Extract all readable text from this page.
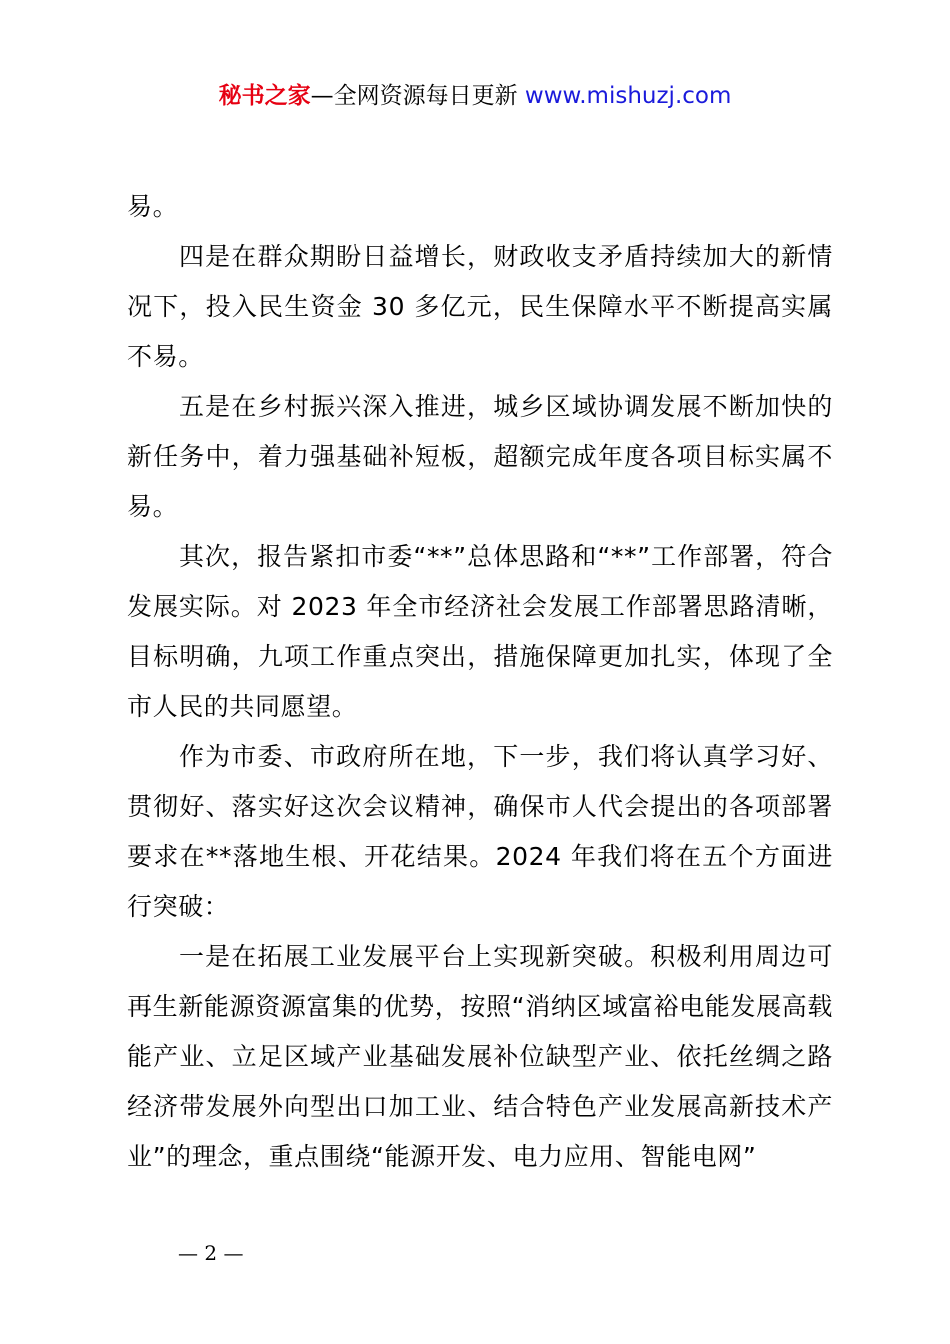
秘书之家—全网资源每日更新 www.mishuzj.com

易。

四是在群众期盼日益增长，财政收支矛盾持续加大的新情况下，投入民生资金 30 多亿元，民生保障水平不断提高实属不易。

五是在乡村振兴深入推进，城乡区域协调发展不断加快的新任务中，着力强基础补短板，超额完成年度各项目标实属不易。

其次，报告紧扣市委“**”总体思路和“**”工作部署，符合发展实际。对 2023 年全市经济社会发展工作部署思路清晰，目标明确，九项工作重点突出，措施保障更加扎实，体现了全市人民的共同愿望。

作为市委、市政府所在地，下一步，我们将认真学习好、贯彻好、落实好这次会议精神，确保市人代会提出的各项部署要求在**落地生根、开花结果。2024 年我们将在五个方面进行突破：

一是在拓展工业发展平台上实现新突破。积极利用周边可再生新能源资源富集的优势，按照“消纳区域富裕电能发展高载能产业、立足区域产业基础发展补位缺型产业、依托丝绸之路经济带发展外向型出口加工业、结合特色产业发展高新技术产业”的理念，重点围绕“能源开发、电力应用、智能电网”

— 2 —
